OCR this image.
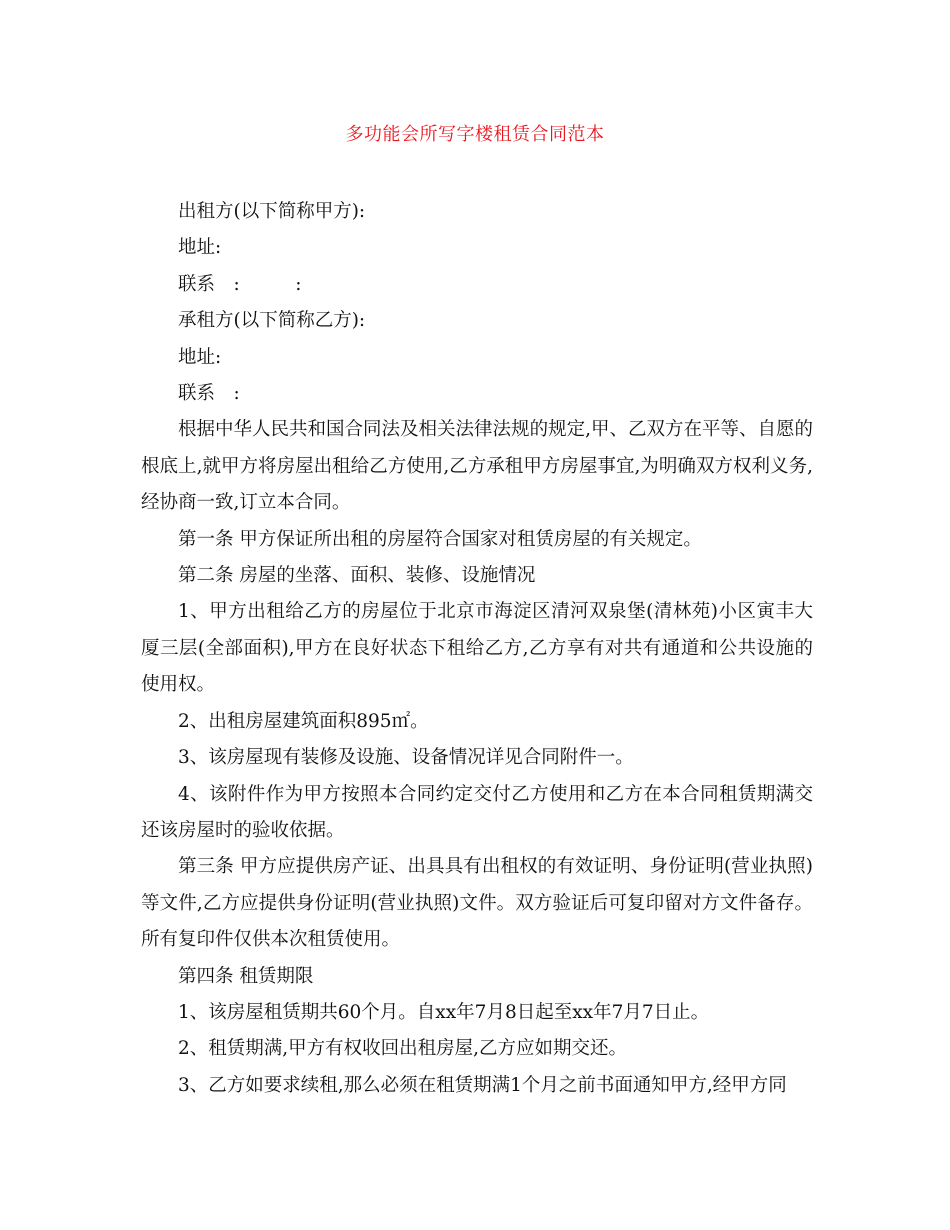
多功能会所写字楼租赁合同范本

出租方(以下简称甲方):

地址:

联系　:　　　:

承租方(以下简称乙方):

地址:

联系　:

根据中华人民共和国合同法及相关法律法规的规定,甲、乙双方在平等、自愿的根底上,就甲方将房屋出租给乙方使用,乙方承租甲方房屋事宜,为明确双方权利义务,经协商一致,订立本合同。

第一条 甲方保证所出租的房屋符合国家对租赁房屋的有关规定。

第二条 房屋的坐落、面积、装修、设施情况

1、甲方出租给乙方的房屋位于北京市海淀区清河双泉堡(清林苑)小区寅丰大厦三层(全部面积),甲方在良好状态下租给乙方,乙方享有对共有通道和公共设施的使用权。

2、出租房屋建筑面积895㎡。

3、该房屋现有装修及设施、设备情况详见合同附件一。

4、该附件作为甲方按照本合同约定交付乙方使用和乙方在本合同租赁期满交还该房屋时的验收依据。

第三条 甲方应提供房产证、出具具有出租权的有效证明、身份证明(营业执照)等文件,乙方应提供身份证明(营业执照)文件。双方验证后可复印留对方文件备存。所有复印件仅供本次租赁使用。

第四条 租赁期限

1、该房屋租赁期共60个月。自xx年7月8日起至xx年7月7日止。

2、租赁期满,甲方有权收回出租房屋,乙方应如期交还。

3、乙方如要求续租,那么必须在租赁期满1个月之前书面通知甲方,经甲方同
